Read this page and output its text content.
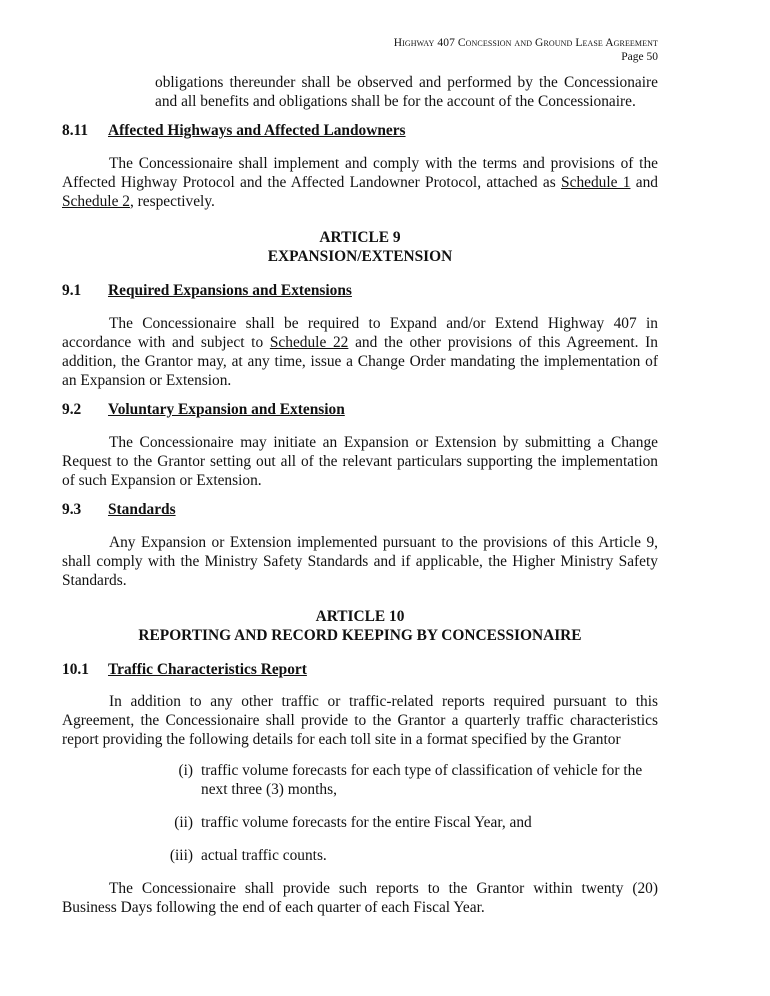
Highway 407 Concession and Ground Lease Agreement
Page 50
obligations thereunder shall be observed and performed by the Concessionaire and all benefits and obligations shall be for the account of the Concessionaire.
8.11 Affected Highways and Affected Landowners

The Concessionaire shall implement and comply with the terms and provisions of the Affected Highway Protocol and the Affected Landowner Protocol, attached as Schedule 1 and Schedule 2, respectively.

ARTICLE 9
EXPANSION/EXTENSION
9.1 Required Expansions and Extensions

The Concessionaire shall be required to Expand and/or Extend Highway 407 in accordance with and subject to Schedule 22 and the other provisions of this Agreement. In addition, the Grantor may, at any time, issue a Change Order mandating the implementation of an Expansion or Extension.

9.2 Voluntary Expansion and Extension

The Concessionaire may initiate an Expansion or Extension by submitting a Change Request to the Grantor setting out all of the relevant particulars supporting the implementation of such Expansion or Extension.

9.3 Standards

Any Expansion or Extension implemented pursuant to the provisions of this Article 9, shall comply with the Ministry Safety Standards and if applicable, the Higher Ministry Safety Standards.

ARTICLE 10
REPORTING AND RECORD KEEPING BY CONCESSIONAIRE
10.1 Traffic Characteristics Report

In addition to any other traffic or traffic-related reports required pursuant to this Agreement, the Concessionaire shall provide to the Grantor a quarterly traffic characteristics report providing the following details for each toll site in a format specified by the Grantor

(i) traffic volume forecasts for each type of classification of vehicle for the next three (3) months,
(ii) traffic volume forecasts for the entire Fiscal Year, and
(iii) actual traffic counts.

The Concessionaire shall provide such reports to the Grantor within twenty (20) Business Days following the end of each quarter of each Fiscal Year.
